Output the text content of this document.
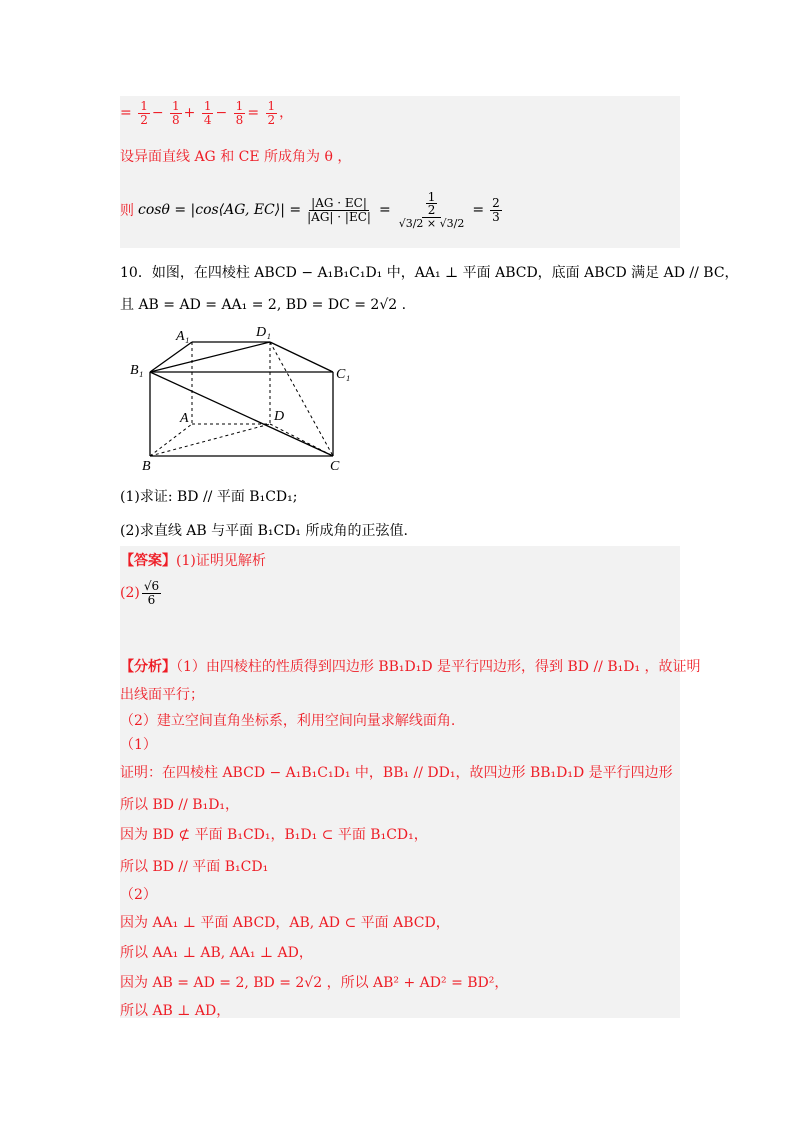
= $\frac{1}{2} - \frac{1}{8} + \frac{1}{4} - \frac{1}{8} = \frac{1}{2}$ ，
设异面直线 AG 和 CE 所成角为 θ ，
则 cosθ = |cos⟨AG, EC⟩| = $\frac{|AG \cdot EC|}{|AG| \cdot |EC|} = \frac{\frac{1}{2}}{√3/2 \times √3/2} = \frac{2}{3}$
10．如图，在四棱柱 ABCD − A₁B₁C₁D₁ 中，AA₁ ⊥ 平面 ABCD，底面 ABCD 满足 AD // BC，
且 AB = AD = AA₁ = 2, BD = DC = 2√2 .
A₁	D₁
B₁	C₁
A	D
B	C
(1)求证: BD // 平面 B₁CD₁;
(2)求直线 AB 与平面 B₁CD₁ 所成角的正弦值.
【答案】(1)证明见解析
$(2) \frac{√6}{6}$
【分析】（1）由四棱柱的性质得到四边形 BB₁D₁D 是平行四边形，得到 BD // B₁D₁ ，故证明
出线面平行；
（2）建立空间直角坐标系，利用空间向量求解线面角.
（1）
证明：在四棱柱 ABCD − A₁B₁C₁D₁ 中，BB₁ // DD₁，故四边形 BB₁D₁D 是平行四边形
所以 BD // B₁D₁，
因为 BD ⊄ 平面 B₁CD₁，B₁D₁ ⊂ 平面 B₁CD₁，
所以 BD // 平面 B₁CD₁
（2）
因为 AA₁ ⊥ 平面 ABCD，AB, AD ⊂ 平面 ABCD，
所以 AA₁ ⊥ AB, AA₁ ⊥ AD，
因为 AB = AD = 2, BD = 2√2 ，所以 AB² + AD² = BD²，
所以 AB ⊥ AD，
